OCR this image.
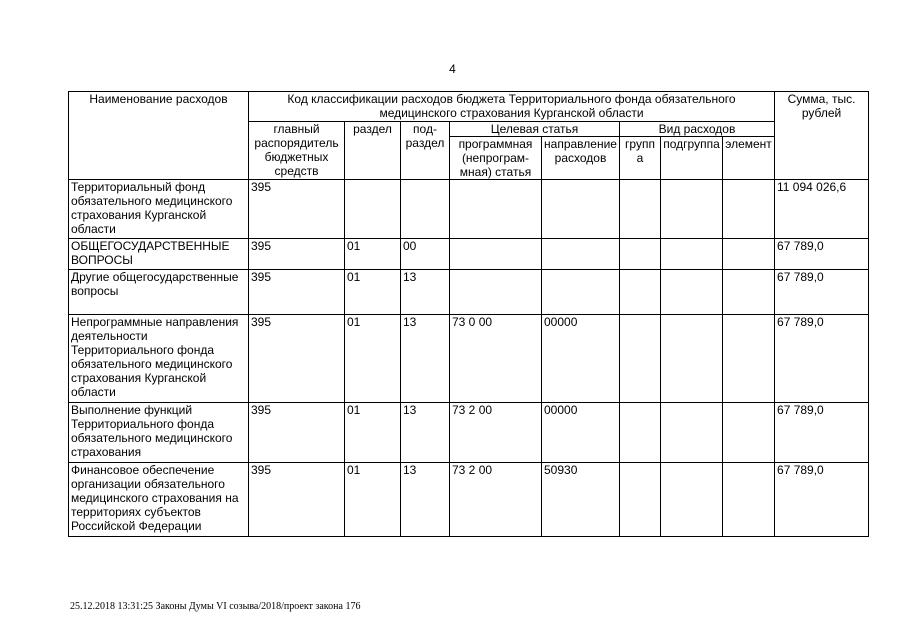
4
Наименование расходов	Код классификации расходов бюджета Территориального фонда обязательного медицинского страхования Курганской области								Сумма, тыс. рублей
	главный распорядитель бюджетных средств	раздел	под-раздел	Целевая статья		Вид расходов			
				программная (непрограм-мная) статья	направление расходов	группа	подгруппа	элемент	
Территориальный фонд обязательного медицинского страхования Курганской области	395								11 094 026,6
ОБЩЕГОСУДАРСТВЕННЫЕ ВОПРОСЫ	395	01	00						67 789,0
Другие общегосударственные вопросы	395	01	13						67 789,0
Непрограммные направления деятельности Территориального фонда обязательного медицинского страхования Курганской области	395	01	13	73 0 00	00000				67 789,0
Выполнение функций Территориального фонда обязательного медицинского страхования	395	01	13	73 2 00	00000				67 789,0
Финансовое обеспечение организации обязательного медицинского страхования на территориях субъектов Российской Федерации	395	01	13	73 2 00	50930				67 789,0
25.12.2018 13:31:25 Законы Думы VI созыва/2018/проект закона 176
